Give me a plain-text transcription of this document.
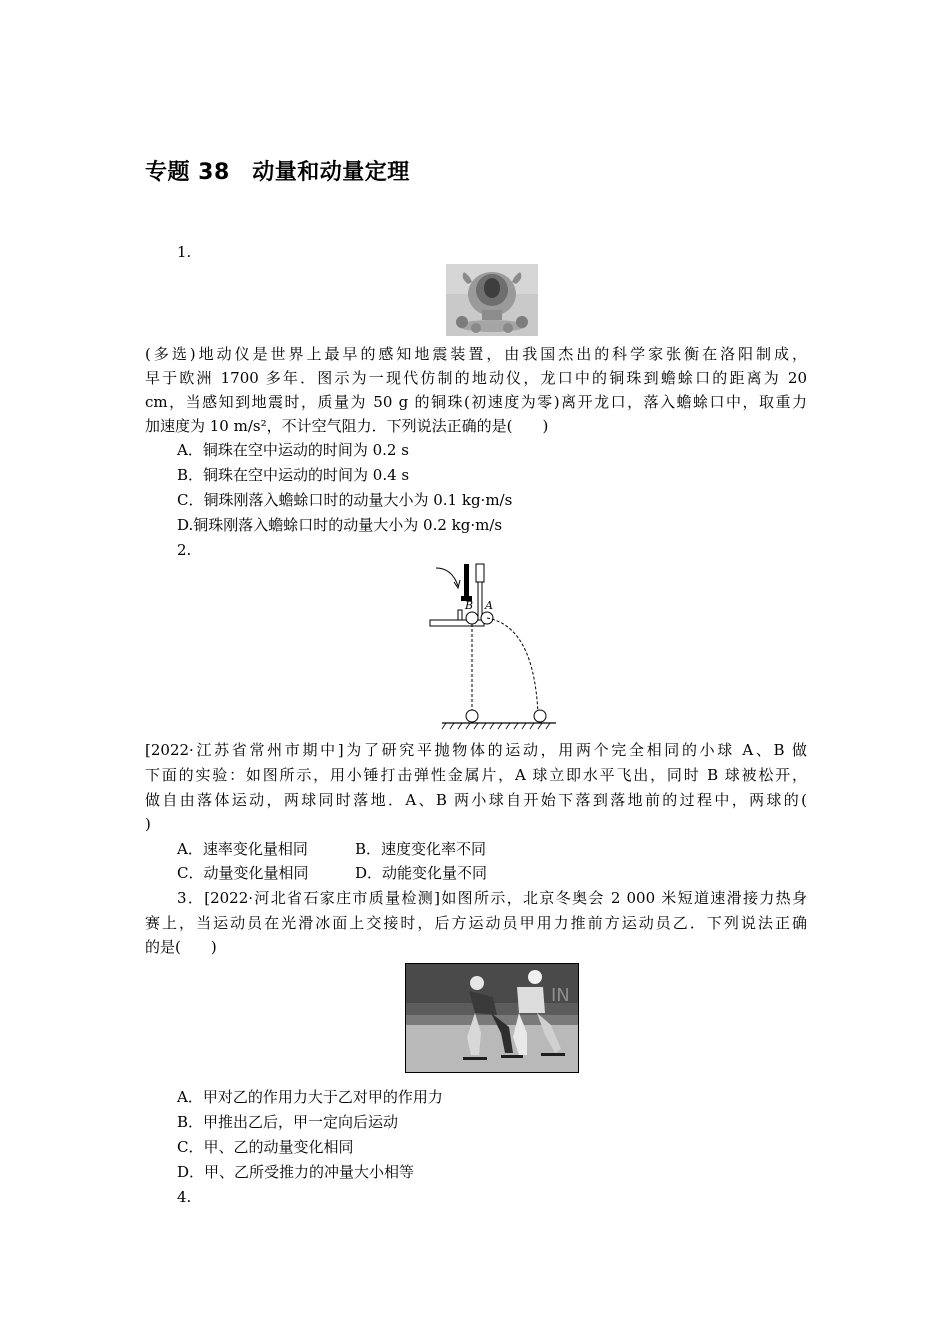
专题 38　动量和动量定理
1.
(多选)地动仪是世界上最早的感知地震装置，由我国杰出的科学家张衡在洛阳制成，
早于欧洲 1700 多年．图示为一现代仿制的地动仪，龙口中的铜珠到蟾蜍口的距离为 20
cm，当感知到地震时，质量为 50 g 的铜珠(初速度为零)离开龙口，落入蟾蜍口中，取重力
加速度为 10 m/s²，不计空气阻力．下列说法正确的是(　　)
A．铜珠在空中运动的时间为 0.2 s
B．铜珠在空中运动的时间为 0.4 s
C．铜珠刚落入蟾蜍口时的动量大小为 0.1 kg·m/s
D.铜珠刚落入蟾蜍口时的动量大小为 0.2 kg·m/s
2.
B A
[2022·江苏省常州市期中]为了研究平抛物体的运动，用两个完全相同的小球 A、B 做
下面的实验：如图所示，用小锤打击弹性金属片，A 球立即水平飞出，同时 B 球被松开，
做自由落体运动，两球同时落地．A、B 两小球自开始下落到落地前的过程中，两球的(
)
A．速率变化量相同	B．速度变化率不同
C．动量变化量相同	D．动能变化量不同
3．[2022·河北省石家庄市质量检测]如图所示，北京冬奥会 2 000 米短道速滑接力热身
赛上，当运动员在光滑冰面上交接时，后方运动员甲用力推前方运动员乙．下列说法正确
的是(　　)
IN
A．甲对乙的作用力大于乙对甲的作用力
B．甲推出乙后，甲一定向后运动
C．甲、乙的动量变化相同
D．甲、乙所受推力的冲量大小相等
4.
